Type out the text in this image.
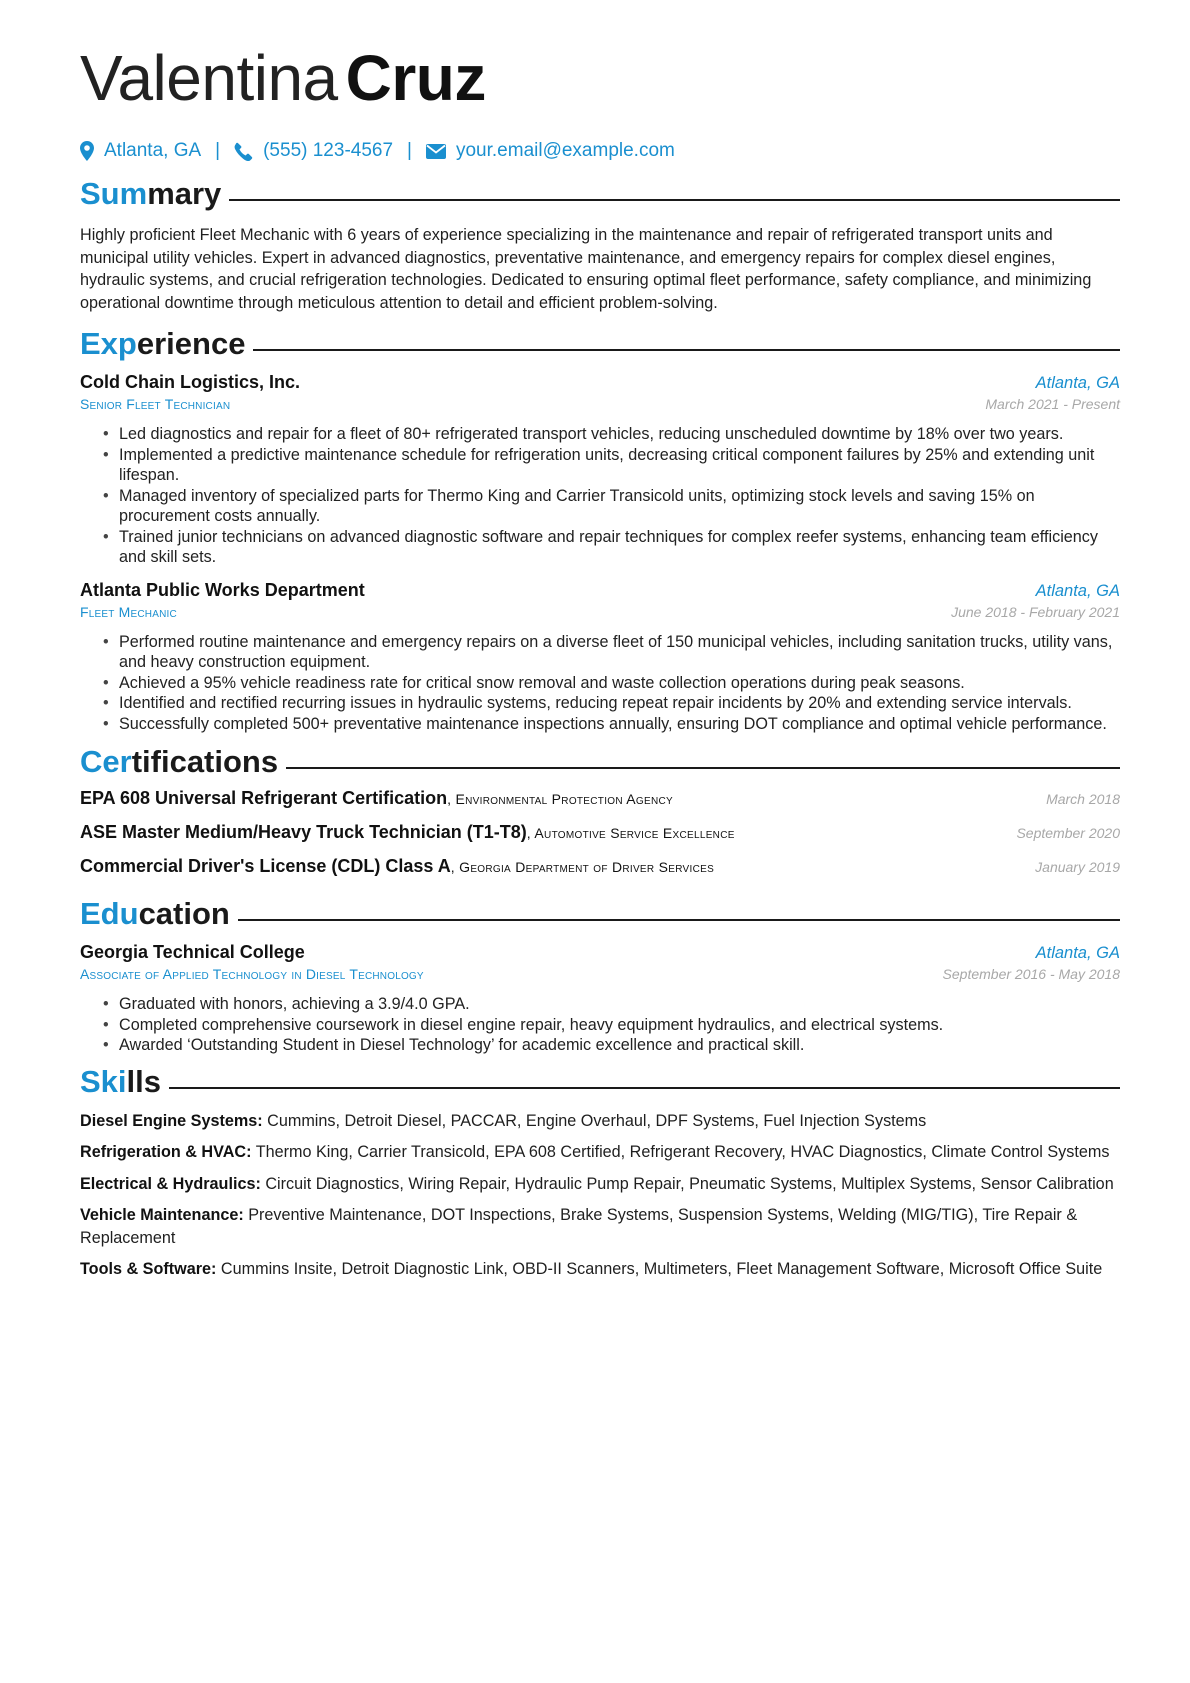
Valentina Cruz
Atlanta, GA | (555) 123-4567 | your.email@example.com
Summary
Highly proficient Fleet Mechanic with 6 years of experience specializing in the maintenance and repair of refrigerated transport units and municipal utility vehicles. Expert in advanced diagnostics, preventative maintenance, and emergency repairs for complex diesel engines, hydraulic systems, and crucial refrigeration technologies. Dedicated to ensuring optimal fleet performance, safety compliance, and minimizing operational downtime through meticulous attention to detail and efficient problem-solving.
Experience
Cold Chain Logistics, Inc.	Atlanta, GA
Senior Fleet Technician	March 2021 - Present
• Led diagnostics and repair for a fleet of 80+ refrigerated transport vehicles, reducing unscheduled downtime by 18% over two years.
• Implemented a predictive maintenance schedule for refrigeration units, decreasing critical component failures by 25% and extending unit lifespan.
• Managed inventory of specialized parts for Thermo King and Carrier Transicold units, optimizing stock levels and saving 15% on procurement costs annually.
• Trained junior technicians on advanced diagnostic software and repair techniques for complex reefer systems, enhancing team efficiency and skill sets.
Atlanta Public Works Department	Atlanta, GA
Fleet Mechanic	June 2018 - February 2021
• Performed routine maintenance and emergency repairs on a diverse fleet of 150 municipal vehicles, including sanitation trucks, utility vans, and heavy construction equipment.
• Achieved a 95% vehicle readiness rate for critical snow removal and waste collection operations during peak seasons.
• Identified and rectified recurring issues in hydraulic systems, reducing repeat repair incidents by 20% and extending service intervals.
• Successfully completed 500+ preventative maintenance inspections annually, ensuring DOT compliance and optimal vehicle performance.
Certifications
EPA 608 Universal Refrigerant Certification, Environmental Protection Agency	March 2018
ASE Master Medium/Heavy Truck Technician (T1-T8), Automotive Service Excellence	September 2020
Commercial Driver's License (CDL) Class A, Georgia Department of Driver Services	January 2019
Education
Georgia Technical College	Atlanta, GA
Associate of Applied Technology in Diesel Technology	September 2016 - May 2018
• Graduated with honors, achieving a 3.9/4.0 GPA.
• Completed comprehensive coursework in diesel engine repair, heavy equipment hydraulics, and electrical systems.
• Awarded ‘Outstanding Student in Diesel Technology’ for academic excellence and practical skill.
Skills
Diesel Engine Systems: Cummins, Detroit Diesel, PACCAR, Engine Overhaul, DPF Systems, Fuel Injection Systems
Refrigeration & HVAC: Thermo King, Carrier Transicold, EPA 608 Certified, Refrigerant Recovery, HVAC Diagnostics, Climate Control Systems
Electrical & Hydraulics: Circuit Diagnostics, Wiring Repair, Hydraulic Pump Repair, Pneumatic Systems, Multiplex Systems, Sensor Calibration
Vehicle Maintenance: Preventive Maintenance, DOT Inspections, Brake Systems, Suspension Systems, Welding (MIG/TIG), Tire Repair & Replacement
Tools & Software: Cummins Insite, Detroit Diagnostic Link, OBD-II Scanners, Multimeters, Fleet Management Software, Microsoft Office Suite
